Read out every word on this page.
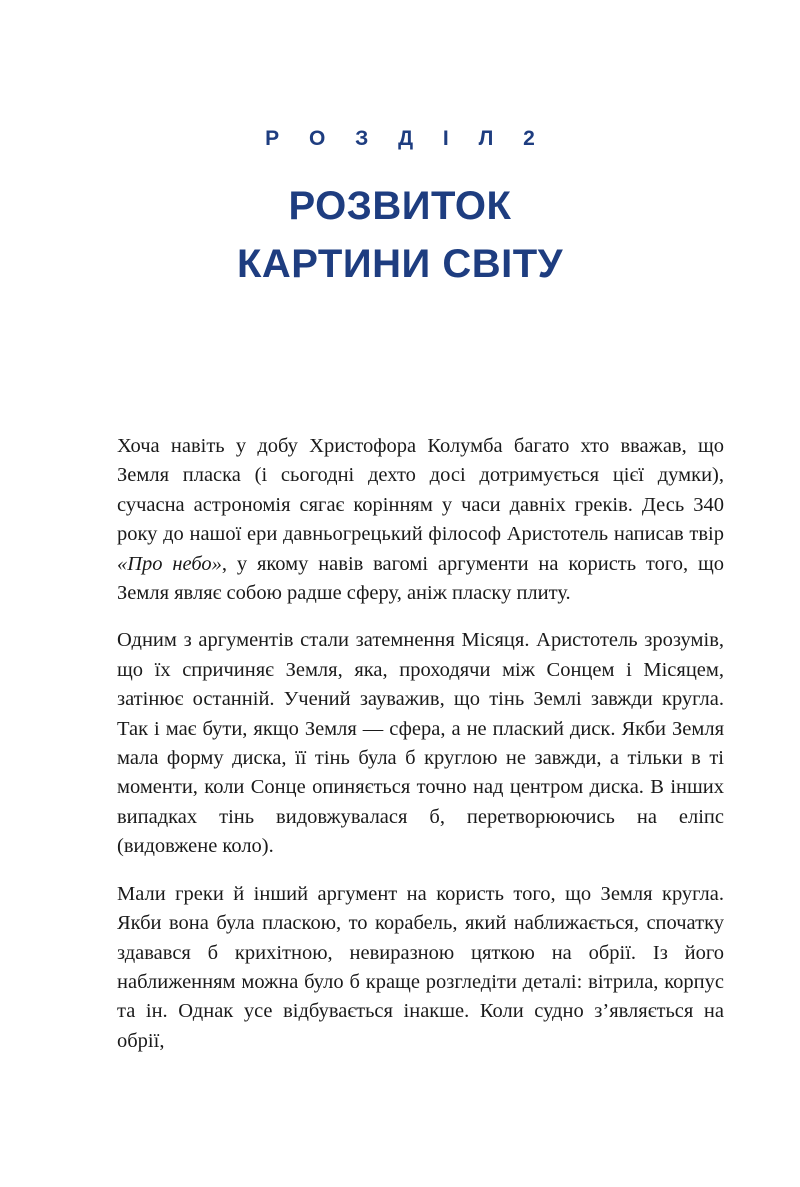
Р О З Д І Л 2
РОЗВИТОК
КАРТИНИ СВІТУ

Хоча навіть у добу Христофора Колумба багато хто вважав, що Земля пласка (і сьогодні дехто досі дотримується цієї думки), сучасна астрономія сягає корінням у часи давніх греків. Десь 340 року до нашої ери давньогрецький філософ Аристотель написав твір «Про небо», у якому навів вагомі аргументи на користь того, що Земля являє собою радше сферу, аніж пласку плиту.

Одним з аргументів стали затемнення Місяця. Аристотель зрозумів, що їх спричиняє Земля, яка, проходячи між Сонцем і Місяцем, затінює останній. Учений зауважив, що тінь Землі завжди кругла. Так і має бути, якщо Земля — сфера, а не плаский диск. Якби Земля мала форму диска, її тінь була б круглою не завжди, а тільки в ті моменти, коли Сонце опиняється точно над центром диска. В інших випадках тінь видовжувалася б, перетворюючись на еліпс (видовжене коло).

Мали греки й інший аргумент на користь того, що Земля кругла. Якби вона була пласкою, то корабель, який наближається, спочатку здавався б крихітною, невиразною цяткою на обрії. Із його наближенням можна було б краще розгледіти деталі: вітрила, корпус та ін. Однак усе відбувається інакше. Коли судно з’являється на обрії,
